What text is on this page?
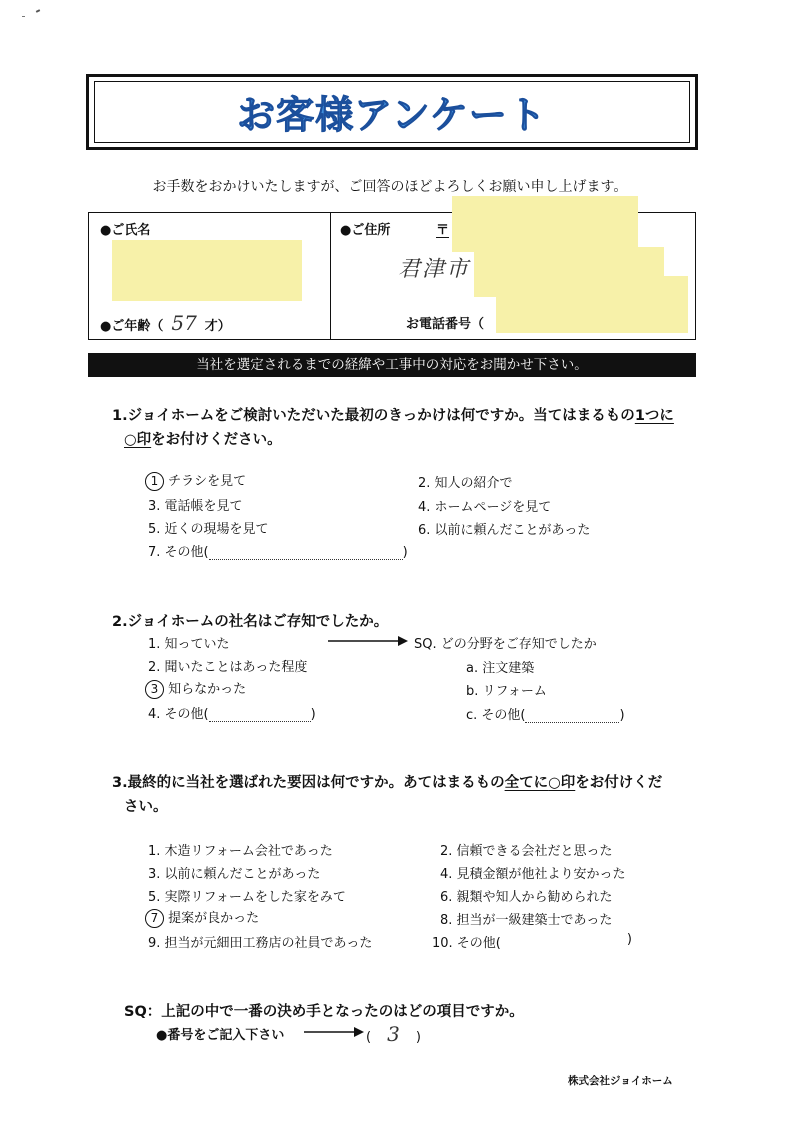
お客様アンケート
お手数をおかけいたしますが、ご回答のほどよろしくお願い申し上げます。
●ご氏名
●ご年齢（ 57 才）
●ご住所	〒
君津市
お電話番号（
当社を選定されるまでの経緯や工事中の対応をお聞かせ下さい。
1.ジョイホームをご検討いただいた最初のきっかけは何ですか。当てはまるもの1つに
○印をお付けください。
1 チラシを見て	2. 知人の紹介で
3. 電話帳を見て	4. ホームページを見て
5. 近くの現場を見て	6. 以前に頼んだことがあった
7. その他(	)
2.ジョイホームの社名はご存知でしたか。
1. 知っていた	SQ. どの分野をご存知でしたか
2. 聞いたことはあった程度	a. 注文建築
3 知らなかった	b. リフォーム
4. その他(	)	c. その他(	)
3.最終的に当社を選ばれた要因は何ですか。あてはまるもの全てに○印をお付けくだ
さい。
1. 木造リフォーム会社であった	2. 信頼できる会社だと思った
3. 以前に頼んだことがあった	4. 見積金額が他社より安かった
5. 実際リフォームをした家をみて	6. 親類や知人から勧められた
7 提案が良かった	8. 担当が一級建築士であった
9. 担当が元細田工務店の社員であった	10. その他(	)
SQ：上記の中で一番の決め手となったのはどの項目ですか。
●番号をご記入下さい	( 3 )
株式会社ジョイホーム
